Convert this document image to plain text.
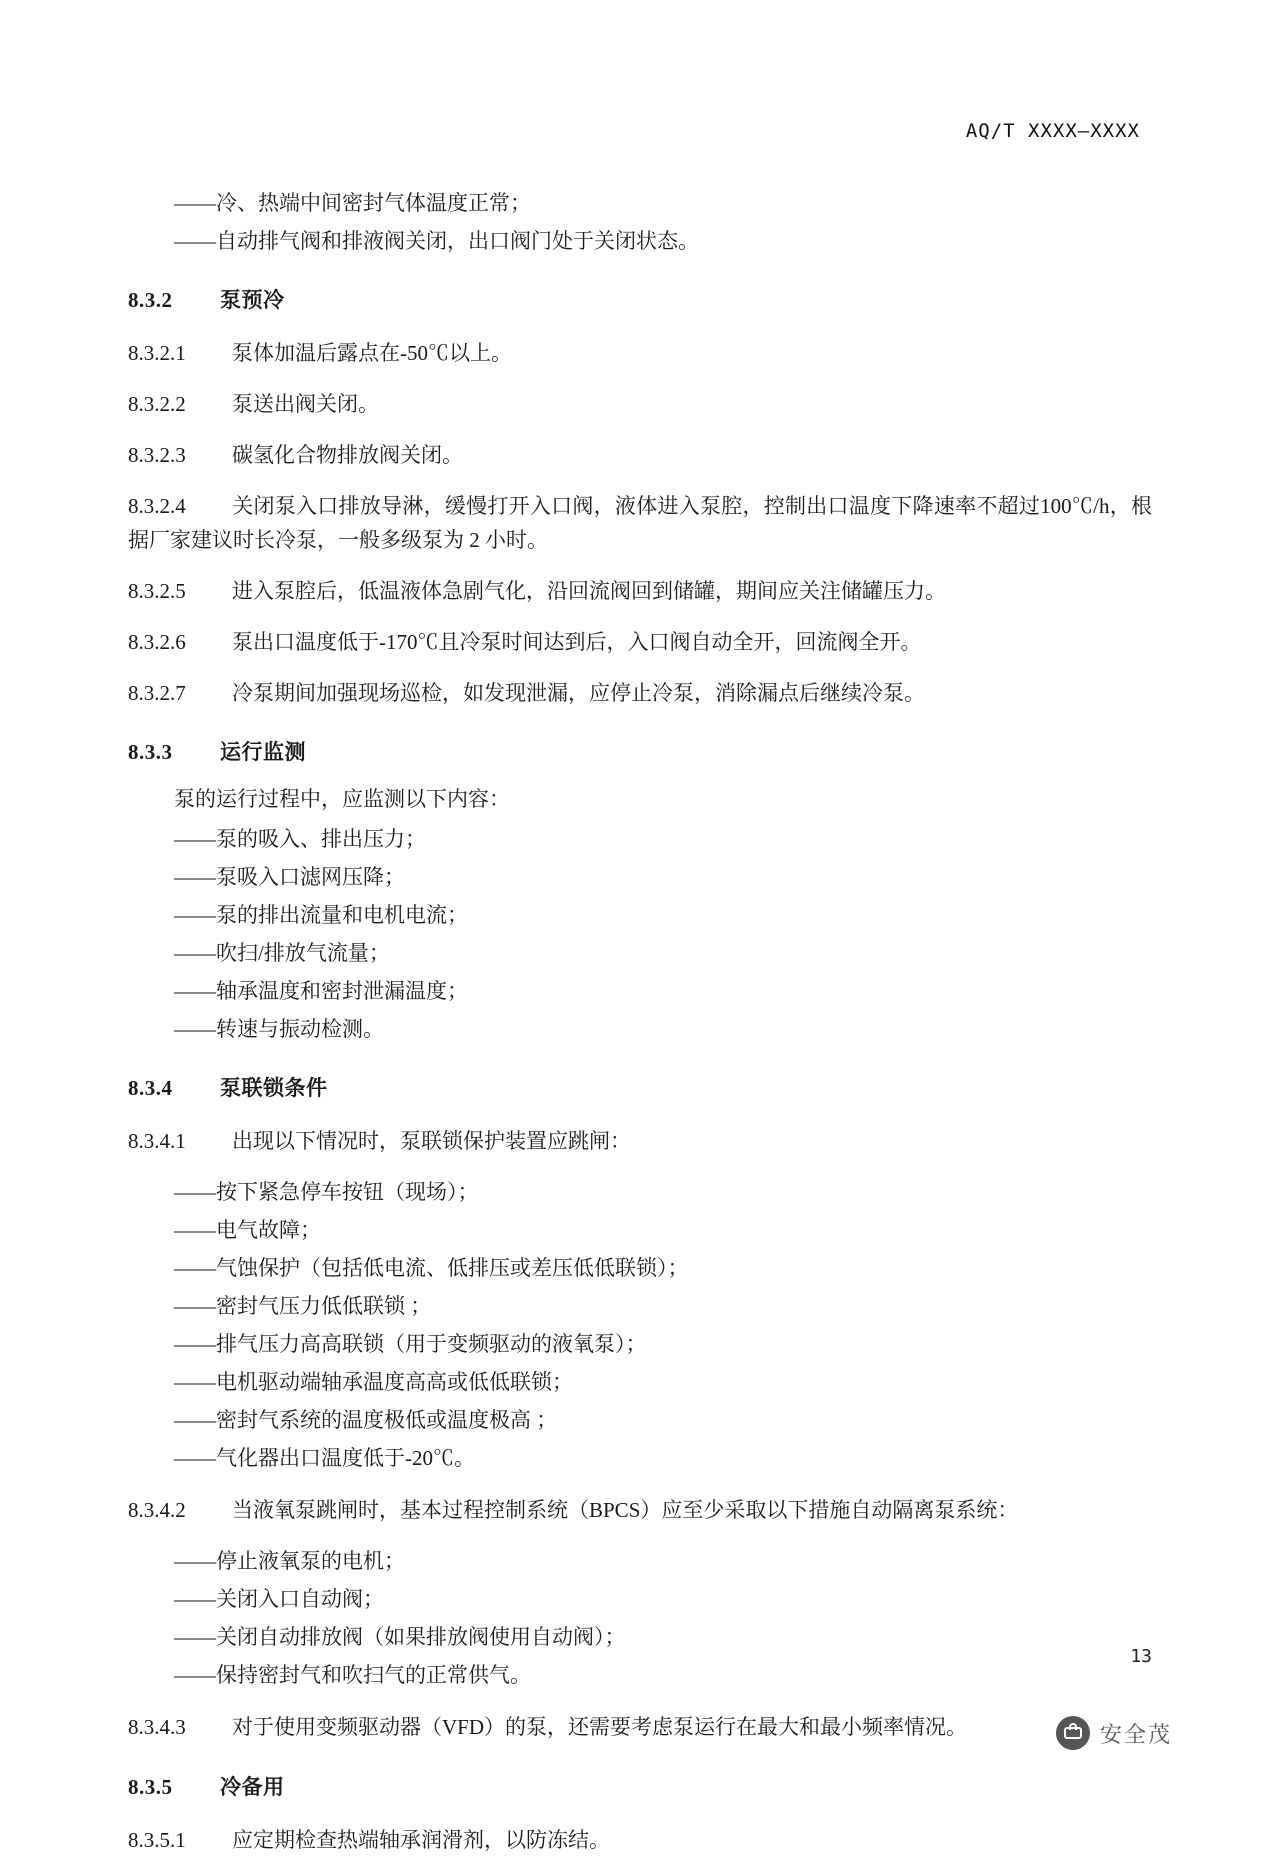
AQ/T XXXX—XXXX

——冷、热端中间密封气体温度正常；

——自动排气阀和排液阀关闭，出口阀门处于关闭状态。

8.3.2 泵预冷

8.3.2.1 泵体加温后露点在-50℃以上。

8.3.2.2 泵送出阀关闭。

8.3.2.3 碳氢化合物排放阀关闭。

8.3.2.4 关闭泵入口排放导淋，缓慢打开入口阀，液体进入泵腔，控制出口温度下降速率不超过100℃/h，根据厂家建议时长冷泵，一般多级泵为 2 小时。

8.3.2.5 进入泵腔后，低温液体急剧气化，沿回流阀回到储罐，期间应关注储罐压力。

8.3.2.6 泵出口温度低于-170℃且冷泵时间达到后，入口阀自动全开，回流阀全开。

8.3.2.7 冷泵期间加强现场巡检，如发现泄漏，应停止冷泵，消除漏点后继续冷泵。

8.3.3 运行监测

泵的运行过程中，应监测以下内容：

——泵的吸入、排出压力；

——泵吸入口滤网压降；

——泵的排出流量和电机电流；

——吹扫/排放气流量；

——轴承温度和密封泄漏温度；

——转速与振动检测。

8.3.4 泵联锁条件

8.3.4.1 出现以下情况时，泵联锁保护装置应跳闸：

——按下紧急停车按钮（现场）；

——电气故障；

——气蚀保护（包括低电流、低排压或差压低低联锁）；

——密封气压力低低联锁 ；

——排气压力高高联锁（用于变频驱动的液氧泵）；

——电机驱动端轴承温度高高或低低联锁；

——密封气系统的温度极低或温度极高 ；

——气化器出口温度低于-20℃。

8.3.4.2 当液氧泵跳闸时，基本过程控制系统（BPCS）应至少采取以下措施自动隔离泵系统：

——停止液氧泵的电机；

——关闭入口自动阀；

——关闭自动排放阀（如果排放阀使用自动阀）；

——保持密封气和吹扫气的正常供气。

8.3.4.3 对于使用变频驱动器（VFD）的泵，还需要考虑泵运行在最大和最小频率情况。

8.3.5 冷备用

8.3.5.1 应定期检查热端轴承润滑剂，以防冻结。

13
安全茂
